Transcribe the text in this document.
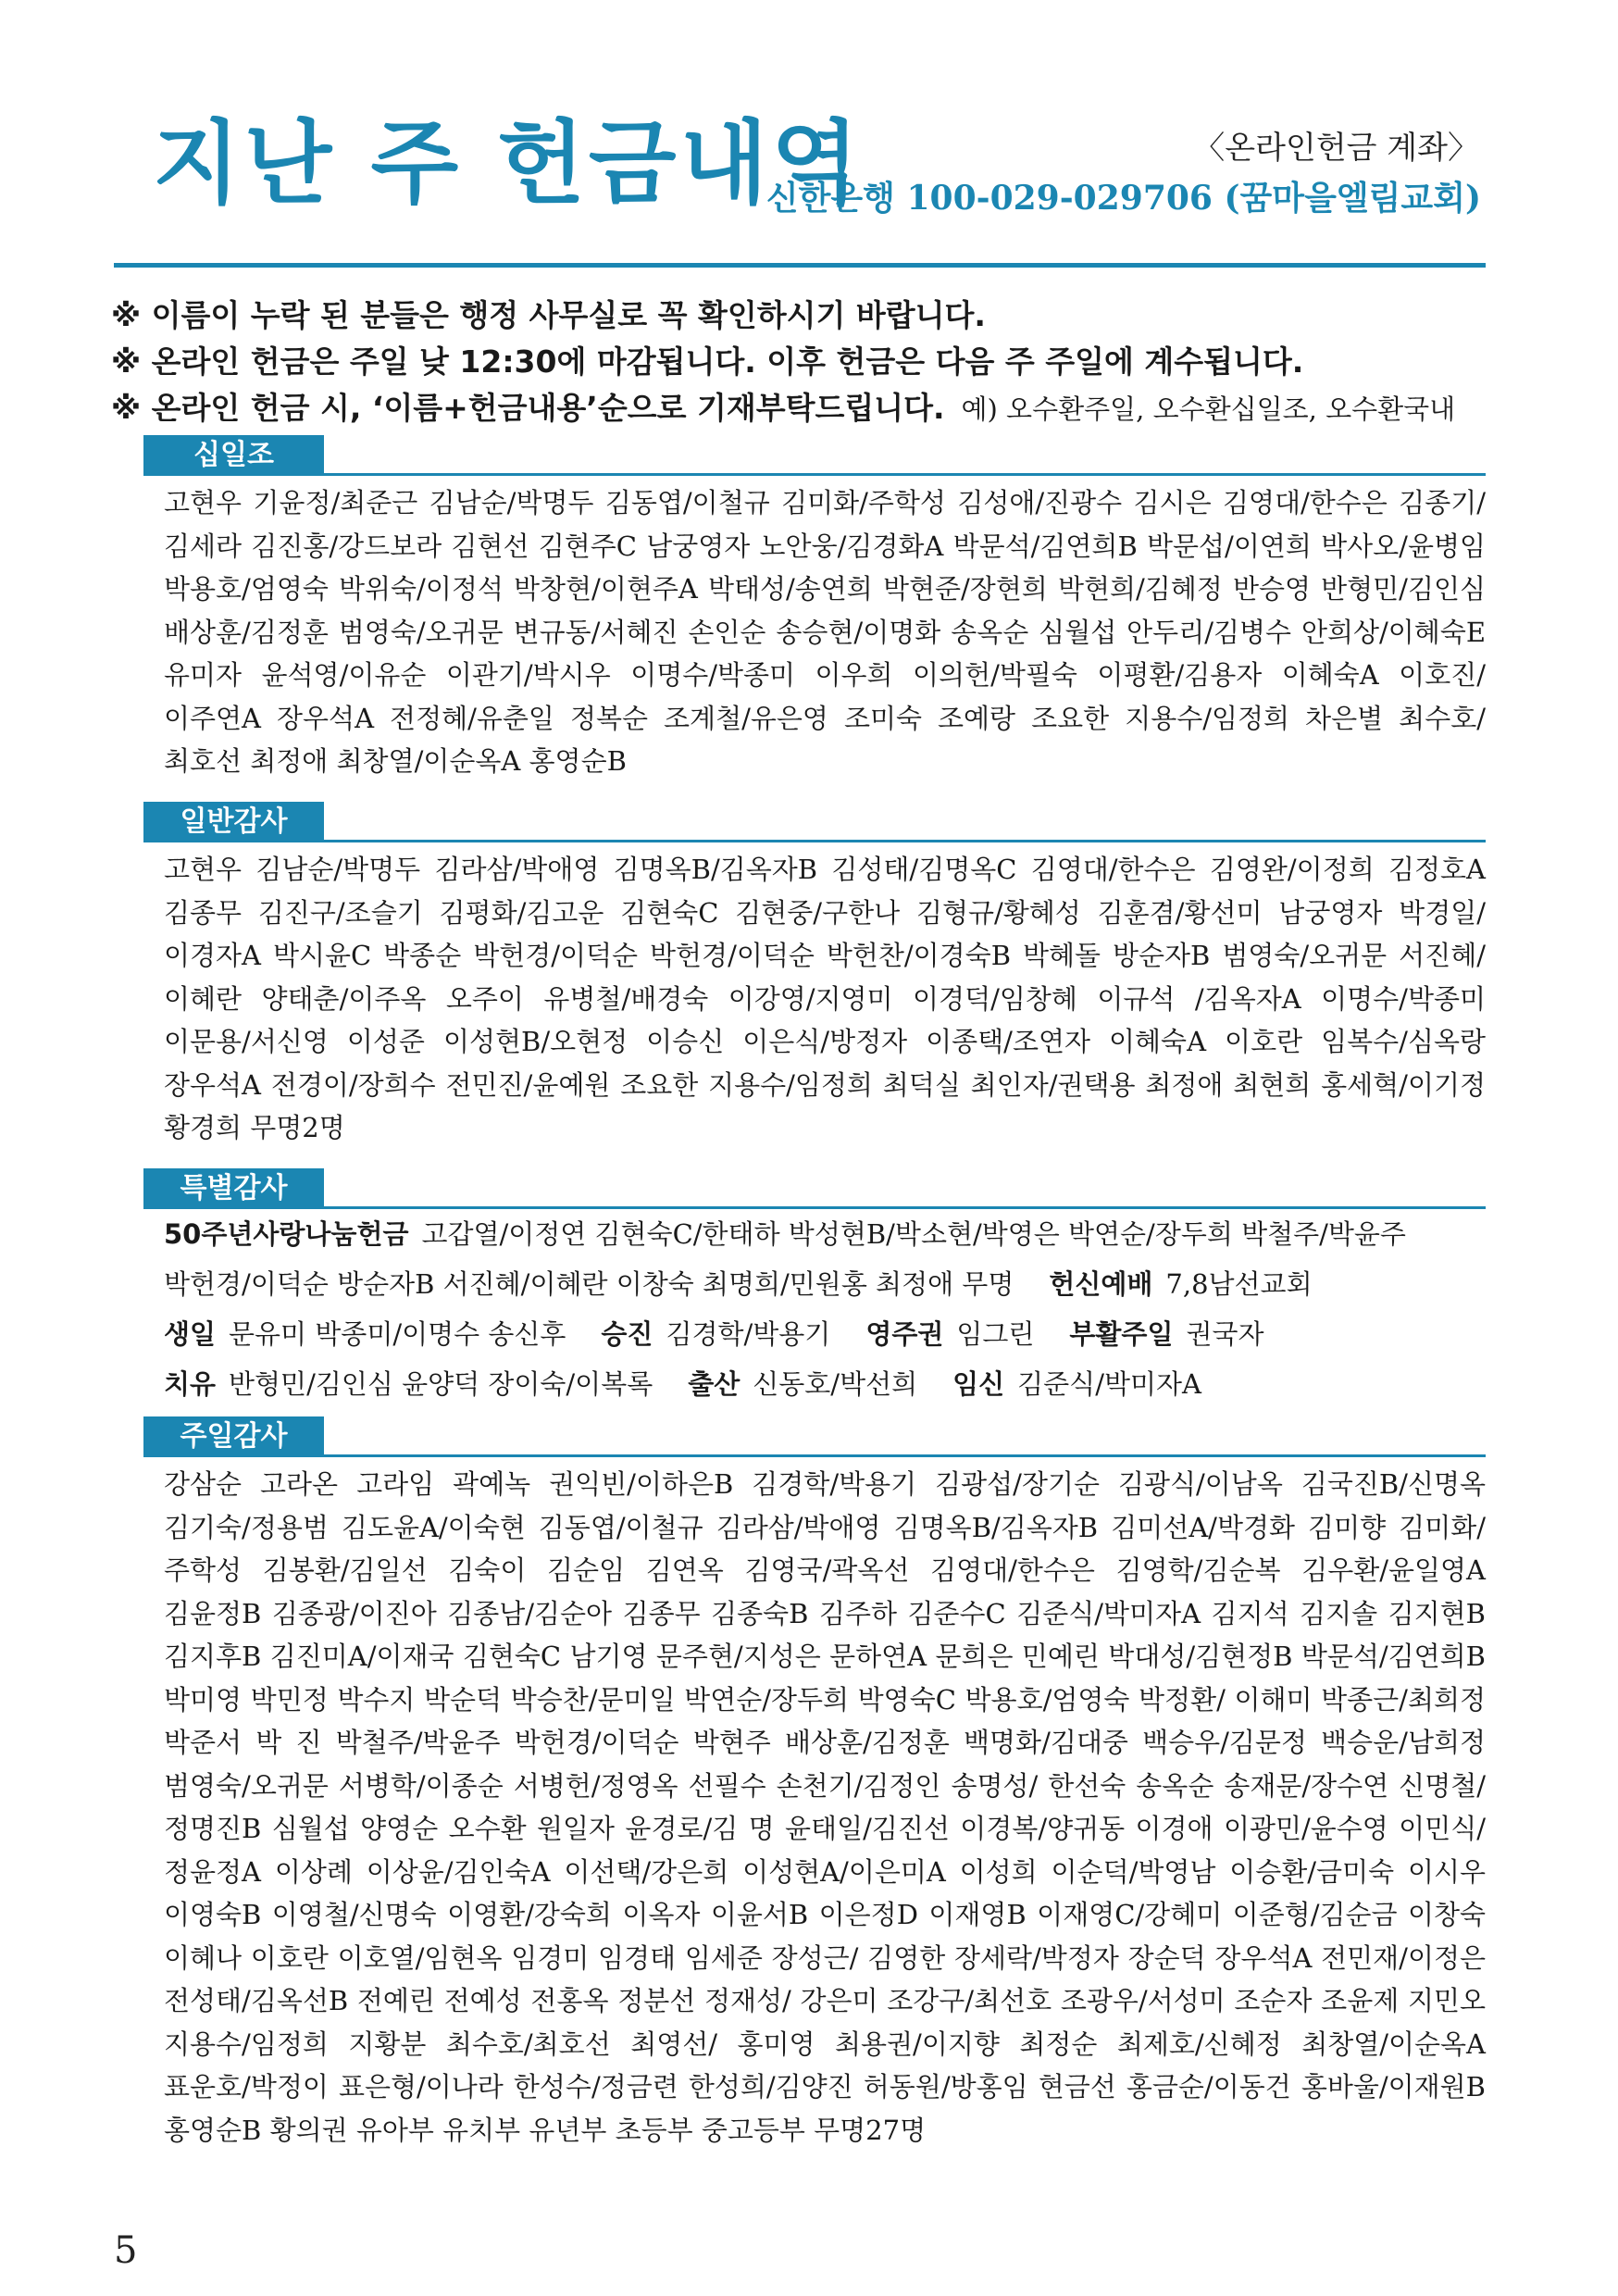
지난 주 헌금내역	〈온라인헌금 계좌〉
신한은행 100-029-029706 (꿈마을엘림교회)
※ 이름이 누락 된 분들은 행정 사무실로 꼭 확인하시기 바랍니다.
※ 온라인 헌금은 주일 낮 12:30에 마감됩니다. 이후 헌금은 다음 주 주일에 계수됩니다.
※ 온라인 헌금 시, ‘이름+헌금내용’순으로 기재부탁드립니다. 예) 오수환주일, 오수환십일조, 오수환국내
십일조
고현우 기윤정/최준근 김남순/박명두 김동엽/이철규 김미화/주학성 김성애/진광수 김시은 김영대/한수은 김종기/김세라 김진홍/강드보라 김현선 김현주C 남궁영자 노안웅/김경화A 박문석/김연희B 박문섭/이연희 박사오/윤병임 박용호/엄영숙 박위숙/이정석 박창현/이현주A 박태성/송연희 박현준/장현희 박현희/김혜정 반승영 반형민/김인심 배상훈/김정훈 범영숙/오귀문 변규동/서혜진 손인순 송승현/이명화 송옥순 심월섭 안두리/김병수 안희상/이혜숙E 유미자 윤석영/이유순 이관기/박시우 이명수/박종미 이우희 이의헌/박필숙 이평환/김용자 이혜숙A 이호진/이주연A 장우석A 전정혜/유춘일 정복순 조계철/유은영 조미숙 조예랑 조요한 지용수/임정희 차은별 최수호/최호선 최정애 최창열/이순옥A 홍영순B
일반감사
고현우 김남순/박명두 김라삼/박애영 김명옥B/김옥자B 김성태/김명옥C 김영대/한수은 김영완/이정희 김정호A 김종무 김진구/조슬기 김평화/김고운 김현숙C 김현중/구한나 김형규/황혜성 김훈겸/황선미 남궁영자 박경일/이경자A 박시윤C 박종순 박헌경/이덕순 박헌경/이덕순 박헌찬/이경숙B 박혜돌 방순자B 범영숙/오귀문 서진혜/이혜란 양태춘/이주옥 오주이 유병철/배경숙 이강영/지영미 이경덕/임창혜 이규석 /김옥자A 이명수/박종미 이문용/서신영 이성준 이성현B/오현정 이승신 이은식/방정자 이종택/조연자 이혜숙A 이호란 임복수/심옥랑 장우석A 전경이/장희수 전민진/윤예원 조요한 지용수/임정희 최덕실 최인자/권택용 최정애 최현희 홍세혁/이기정 황경희 무명2명
특별감사
50주년사랑나눔헌금 고갑열/이정연 김현숙C/한태하 박성현B/박소현/박영은 박연순/장두희 박철주/박윤주
박헌경/이덕순 방순자B 서진혜/이혜란 이창숙 최명희/민원홍 최정애 무명 헌신예배 7,8남선교회
생일 문유미 박종미/이명수 송신후 승진 김경학/박용기 영주권 임그린 부활주일 권국자
치유 반형민/김인심 윤양덕 장이숙/이복록 출산 신동호/박선희 임신 김준식/박미자A
주일감사
강삼순 고라온 고라임 곽예녹 권익빈/이하은B 김경학/박용기 김광섭/장기순 김광식/이남옥 김국진B/신명옥 김기숙/정용범 김도윤A/이숙현 김동엽/이철규 김라삼/박애영 김명옥B/김옥자B 김미선A/박경화 김미향 김미화/ 주학성 김봉환/김일선 김숙이 김순임 김연옥 김영국/곽옥선 김영대/한수은 김영학/김순복 김우환/윤일영A 김윤정B 김종광/이진아 김종남/김순아 김종무 김종숙B 김주하 김준수C 김준식/박미자A 김지석 김지솔 김지현B 김지후B 김진미A/이재국 김현숙C 남기영 문주현/지성은 문하연A 문희은 민예린 박대성/김현정B 박문석/김연희B 박미영 박민정 박수지 박순덕 박승찬/문미일 박연순/장두희 박영숙C 박용호/엄영숙 박정환/ 이해미 박종근/최희정 박준서 박 진 박철주/박윤주 박헌경/이덕순 박현주 배상훈/김정훈 백명화/김대중 백승우/김문정 백승운/남희정 범영숙/오귀문 서병학/이종순 서병헌/정영옥 선필수 손천기/김정인 송명성/ 한선숙 송옥순 송재문/장수연 신명철/정명진B 심월섭 양영순 오수환 원일자 윤경로/김 명 윤태일/김진선 이경복/양귀동 이경애 이광민/윤수영 이민식/정윤정A 이상례 이상윤/김인숙A 이선택/강은희 이성현A/이은미A 이성희 이순덕/박영남 이승환/금미숙 이시우 이영숙B 이영철/신명숙 이영환/강숙희 이옥자 이윤서B 이은정D 이재영B 이재영C/강혜미 이준형/김순금 이창숙 이혜나 이호란 이호열/임현옥 임경미 임경태 임세준 장성근/ 김영한 장세락/박정자 장순덕 장우석A 전민재/이정은 전성태/김옥선B 전예린 전예성 전홍옥 정분선 정재성/ 강은미 조강구/최선호 조광우/서성미 조순자 조윤제 지민오 지용수/임정희 지황분 최수호/최호선 최영선/ 홍미영 최용권/이지향 최정순 최제호/신혜정 최창열/이순옥A 표운호/박정이 표은형/이나라 한성수/정금련 한성희/김양진 허동원/방홍임 현금선 홍금순/이동건 홍바울/이재원B 홍영순B 황의권 유아부 유치부 유년부 초등부 중고등부 무명27명
5
